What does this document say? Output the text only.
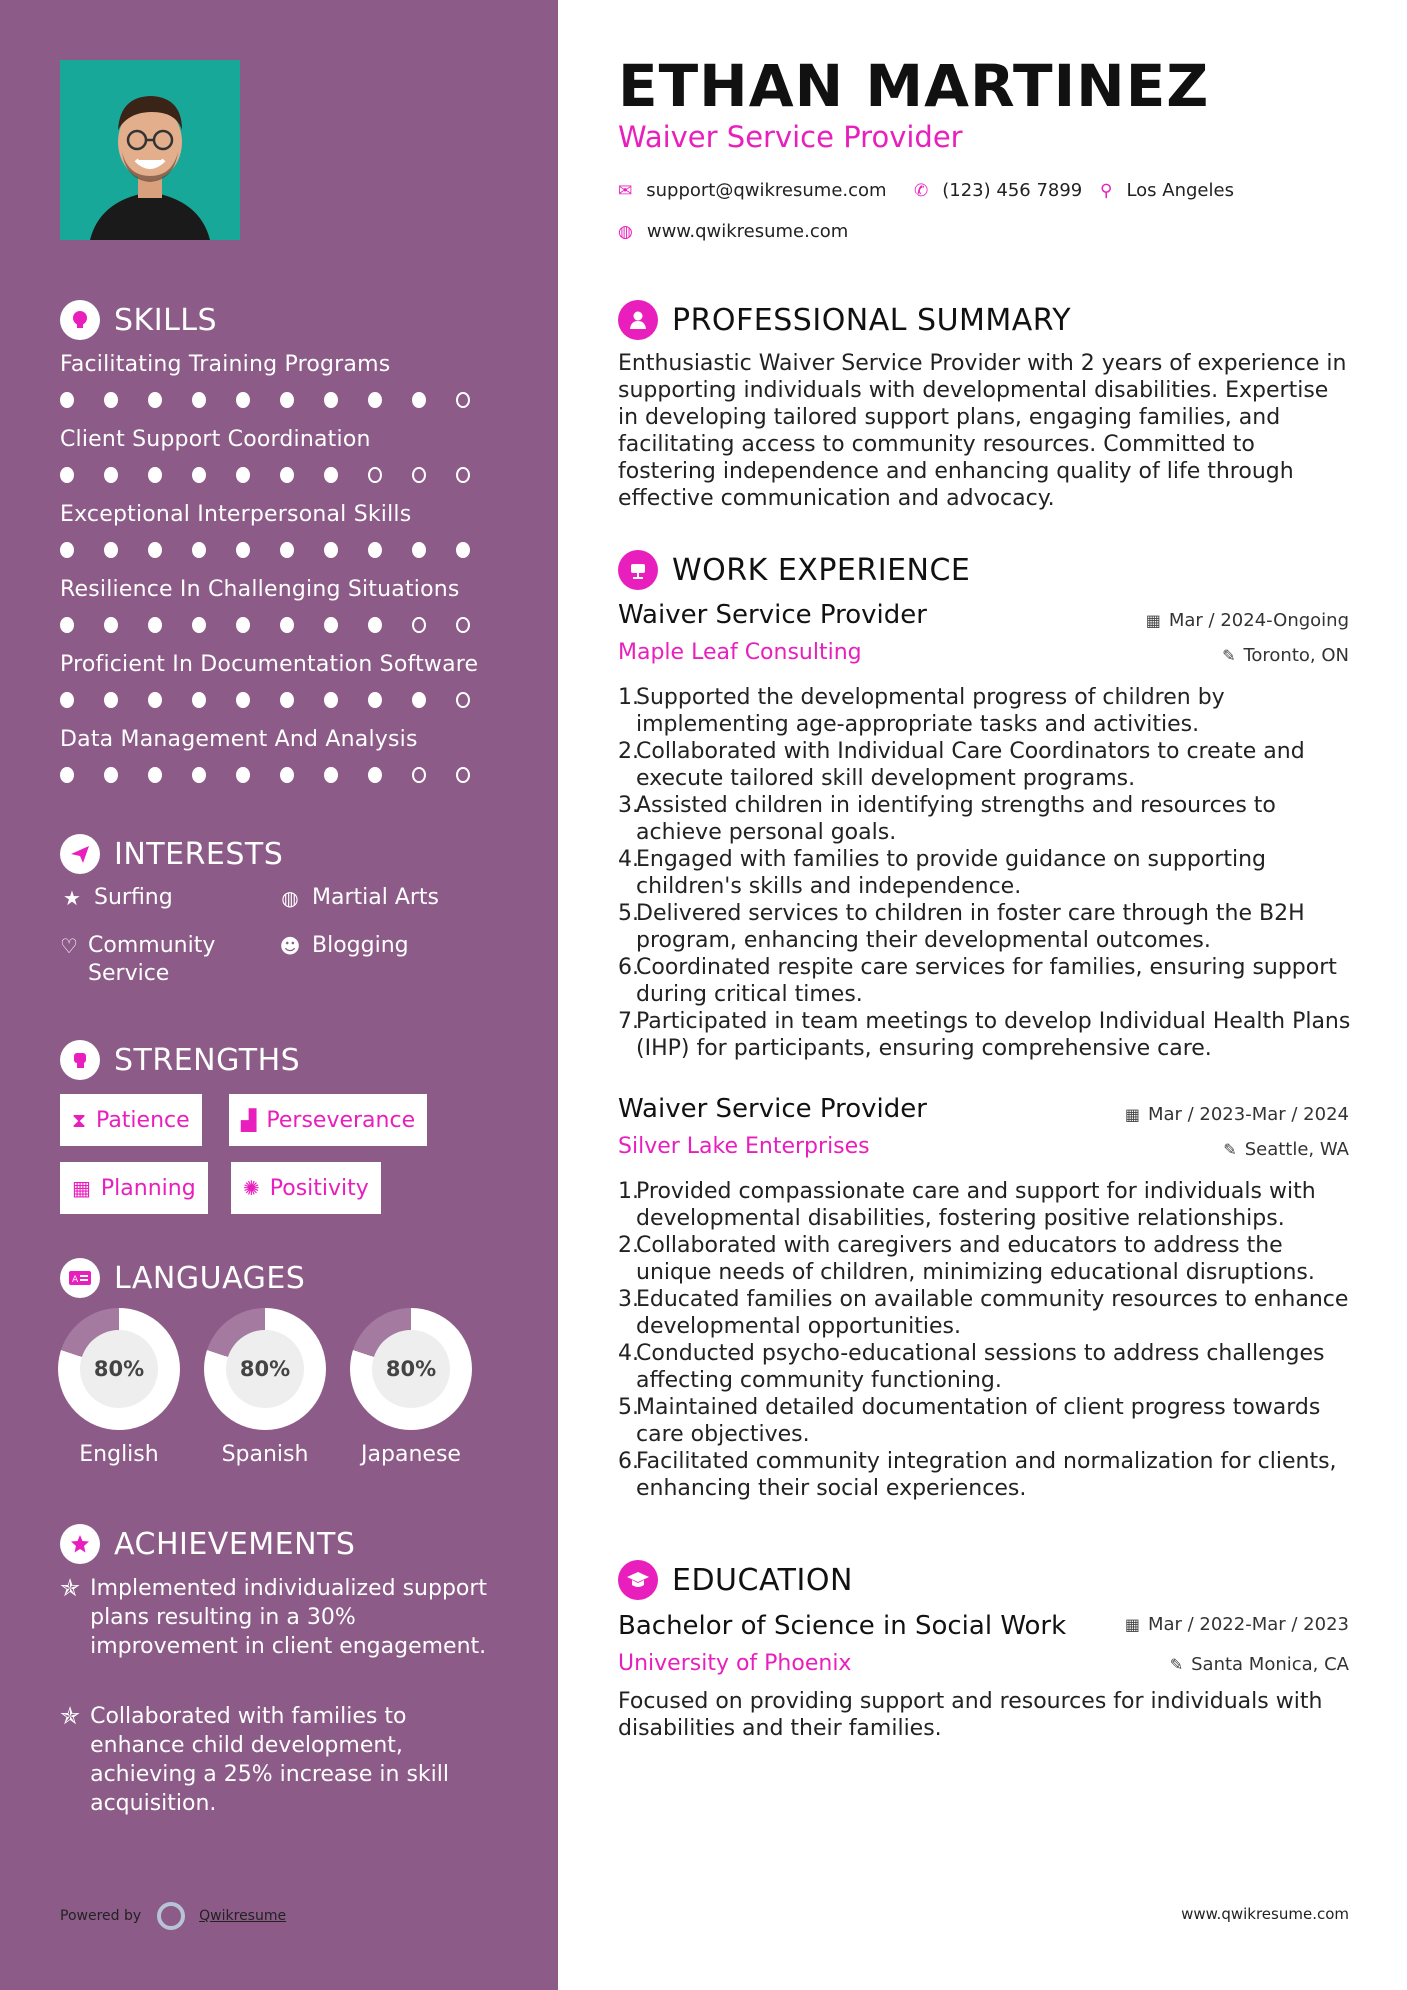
SKILLS
Facilitating Training Programs
Client Support Coordination
Exceptional Interpersonal Skills
Resilience In Challenging Situations
Proficient In Documentation Software
Data Management And Analysis
INTERESTS
★ Surfing	◍ Martial Arts
♡ Community Service
☻ Blogging
STRENGTHS
⧗ Patience	▟ Perseverance
▦ Planning ✺ Positivity
A LANGUAGES
80%
English
80%
Spanish
80%
Japanese
ACHIEVEMENTS
✯ Implemented individualized support plans resulting in a 30% improvement in client engagement.
✯ Collaborated with families to enhance child development, achieving a 25% increase in skill acquisition.
Powered by	Qwikresume
ETHAN MARTINEZ
Waiver Service Provider
✉ support@qwikresume.com ✆ (123) 456 7899 ⚲ Los Angeles
◍ www.qwikresume.com
PROFESSIONAL SUMMARY
Enthusiastic Waiver Service Provider with 2 years of experience in supporting individuals with developmental disabilities. Expertise in developing tailored support plans, engaging families, and facilitating access to community resources. Committed to fostering independence and enhancing quality of life through effective communication and advocacy.
WORK EXPERIENCE
Waiver Service Provider	▦ Mar / 2024-Ongoing
Maple Leaf Consulting	✎ Toronto, ON
1.
Supported the developmental progress of children by implementing age-appropriate tasks and activities.
2.
Collaborated with Individual Care Coordinators to create and execute tailored skill development programs.
3.
Assisted children in identifying strengths and resources to achieve personal goals.
4.
Engaged with families to provide guidance on supporting children's skills and independence.
5.
Delivered services to children in foster care through the B2H program, enhancing their developmental outcomes.
6.
Coordinated respite care services for families, ensuring support during critical times.
7.
Participated in team meetings to develop Individual Health Plans (IHP) for participants, ensuring comprehensive care.
Waiver Service Provider	▦ Mar / 2023-Mar / 2024
Silver Lake Enterprises	✎ Seattle, WA
1.
Provided compassionate care and support for individuals with developmental disabilities, fostering positive relationships.
2.
Collaborated with caregivers and educators to address the unique needs of children, minimizing educational disruptions.
3.
Educated families on available community resources to enhance developmental opportunities.
4.
Conducted psycho-educational sessions to address challenges affecting community functioning.
5.
Maintained detailed documentation of client progress towards care objectives.
6.
Facilitated community integration and normalization for clients, enhancing their social experiences.
EDUCATION
Bachelor of Science in Social Work	▦ Mar / 2022-Mar / 2023
University of Phoenix	✎ Santa Monica, CA
Focused on providing support and resources for individuals with disabilities and their families.
www.qwikresume.com
